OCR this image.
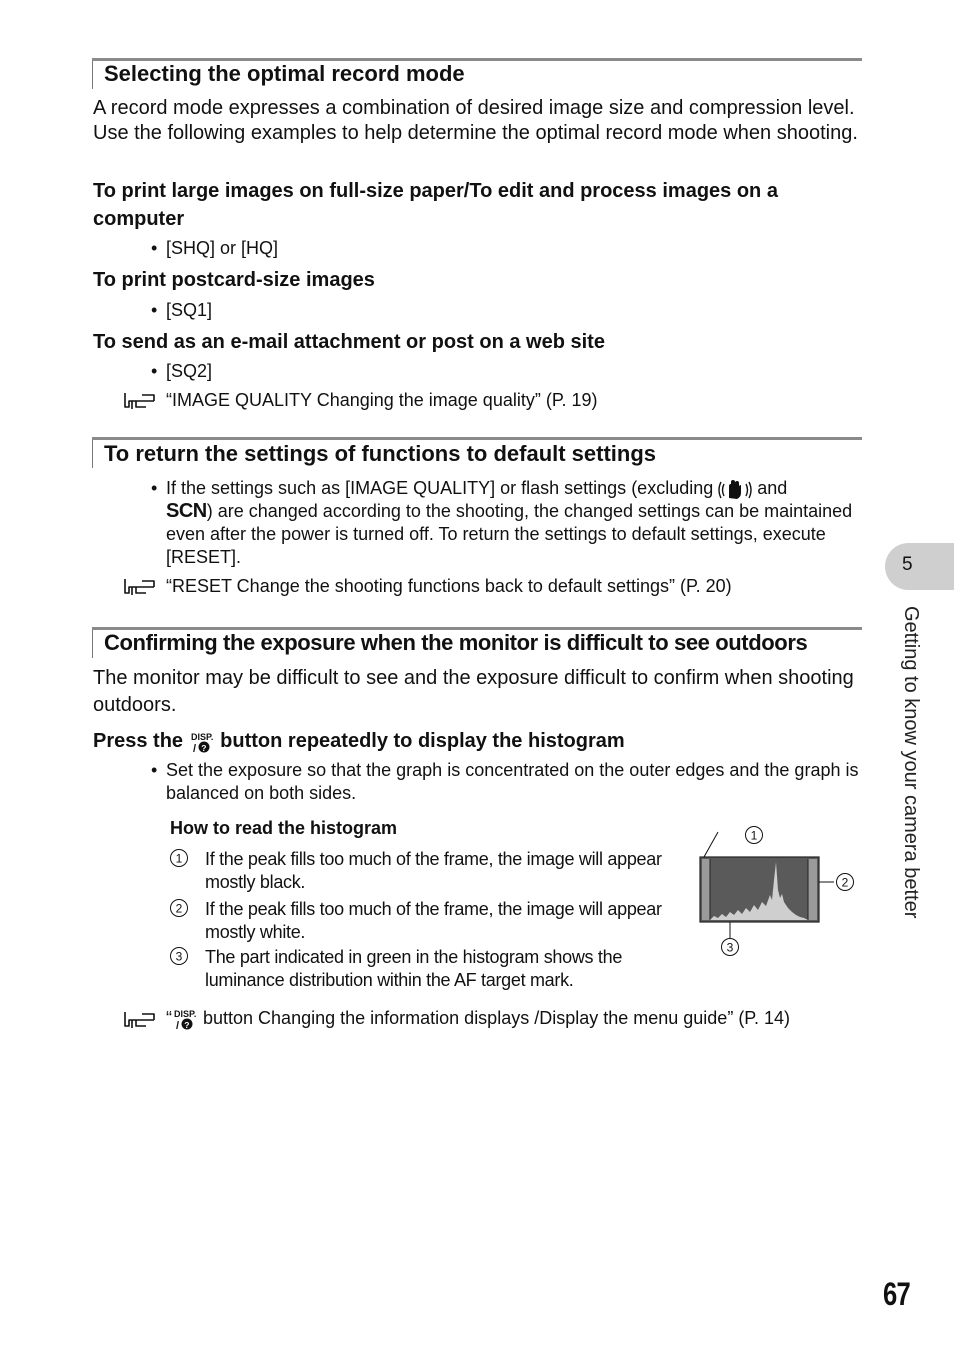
Selecting the optimal record mode
A record mode expresses a combination of desired image size and compression level. Use the following examples to help determine the optimal record mode when shooting.
To print large images on full-size paper/To edit and process images on a computer
• [SHQ] or [HQ]
To print postcard-size images
• [SQ1]
To send as an e-mail attachment or post on a web site
• [SQ2]
“IMAGE QUALITY Changing the image quality” (P. 19)
To return the settings of functions to default settings
• If the settings such as [IMAGE QUALITY] or flash settings (excluding  and
SCN) are changed according to the shooting, the changed settings can be maintained even after the power is turned off. To return the settings to default settings, execute [RESET].
“RESET Change the shooting functions back to default settings” (P. 20)
Confirming the exposure when the monitor is difficult to see outdoors
The monitor may be difficult to see and the exposure difficult to confirm when shooting outdoors.
Press the DISP.
/ ? button repeatedly to display the histogram
• Set the exposure so that the graph is concentrated on the outer edges and the graph is balanced on both sides.
How to read the histogram
1 If the peak fills too much of the frame, the image will appear mostly black.
2 If the peak fills too much of the frame, the image will appear mostly white.
3 The part indicated in green in the histogram shows the luminance distribution within the AF target mark.
1
2
3
“ DISP.
/ ? button Changing the information displays /Display the menu guide” (P. 14)
5
Getting to know your camera better
67
